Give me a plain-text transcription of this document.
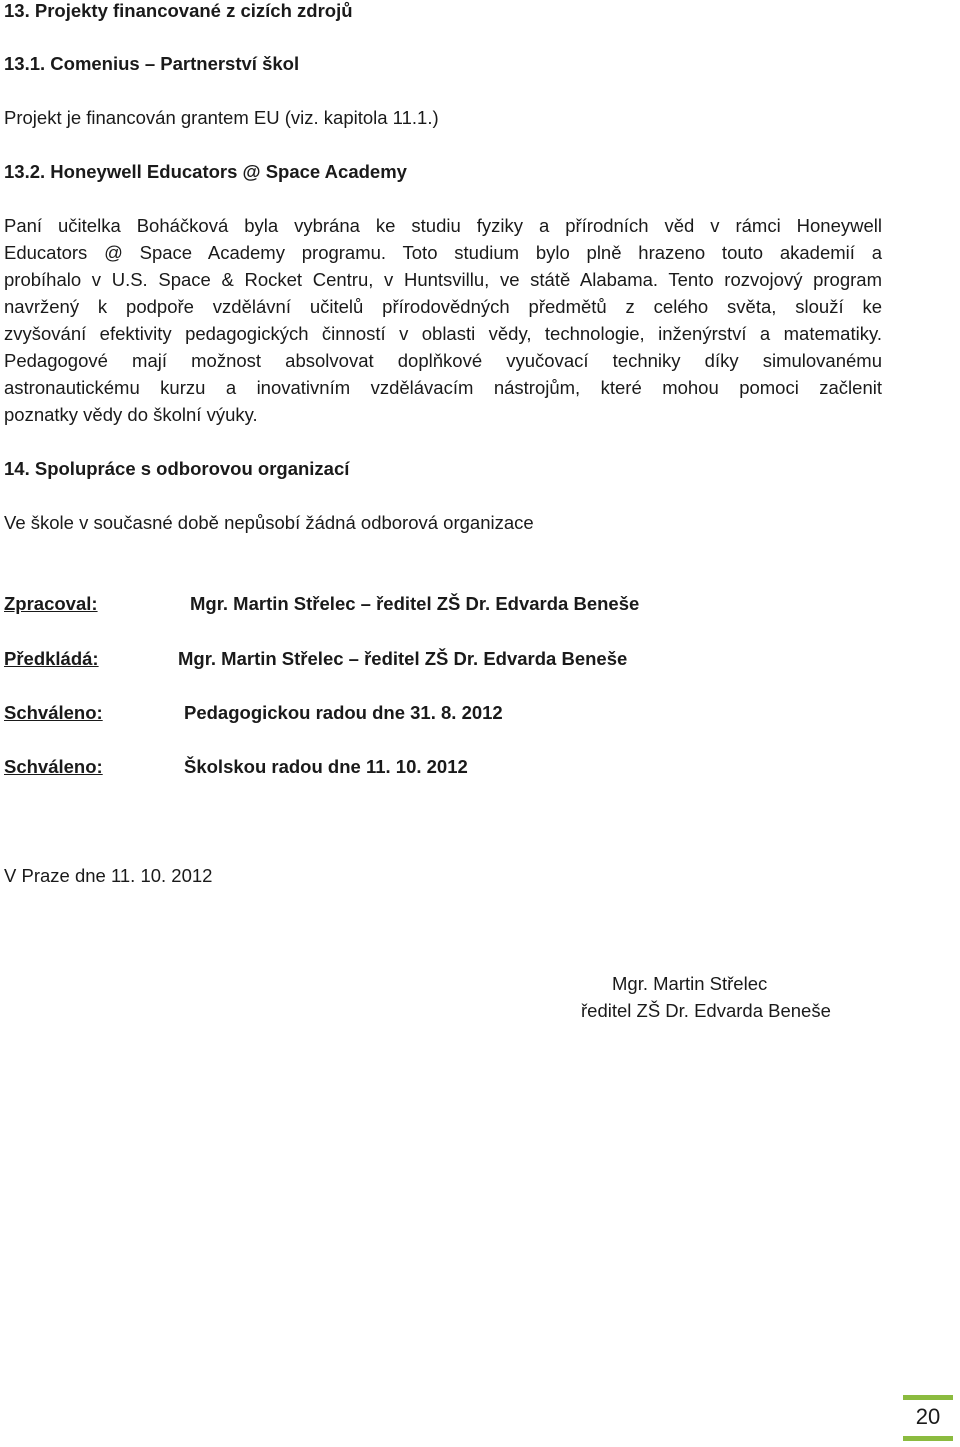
13. Projekty financované z cizích zdrojů
13.1. Comenius – Partnerství škol
Projekt je financován grantem EU (viz. kapitola 11.1.)
13.2. Honeywell Educators @ Space Academy
Paní učitelka Boháčková byla vybrána ke studiu fyziky a přírodních věd v rámci Honeywell
Educators @ Space Academy programu. Toto studium bylo plně hrazeno touto akademií a
probíhalo v U.S. Space & Rocket Centru, v Huntsvillu, ve státě Alabama. Tento rozvojový program
navržený k podpoře vzdělávní učitelů přírodovědných předmětů z celého světa, slouží ke
zvyšování efektivity pedagogických činností v oblasti vědy, technologie, inženýrství a matematiky.
Pedagogové mají možnost absolvovat doplňkové vyučovací techniky díky simulovanému
astronautickému kurzu a inovativním vzdělávacím nástrojům, které mohou pomoci začlenit
poznatky vědy do školní výuky.
14. Spolupráce s odborovou organizací
Ve škole v současné době nepůsobí žádná odborová organizace
Zpracoval:	Mgr. Martin Střelec – ředitel ZŠ Dr. Edvarda Beneše
Předkládá:	Mgr. Martin Střelec – ředitel ZŠ Dr. Edvarda Beneše
Schváleno:	Pedagogickou radou dne 31. 8. 2012
Schváleno:	Školskou radou dne 11. 10. 2012
V Praze dne 11. 10. 2012
Mgr. Martin Střelec
ředitel ZŠ Dr. Edvarda Beneše
20
